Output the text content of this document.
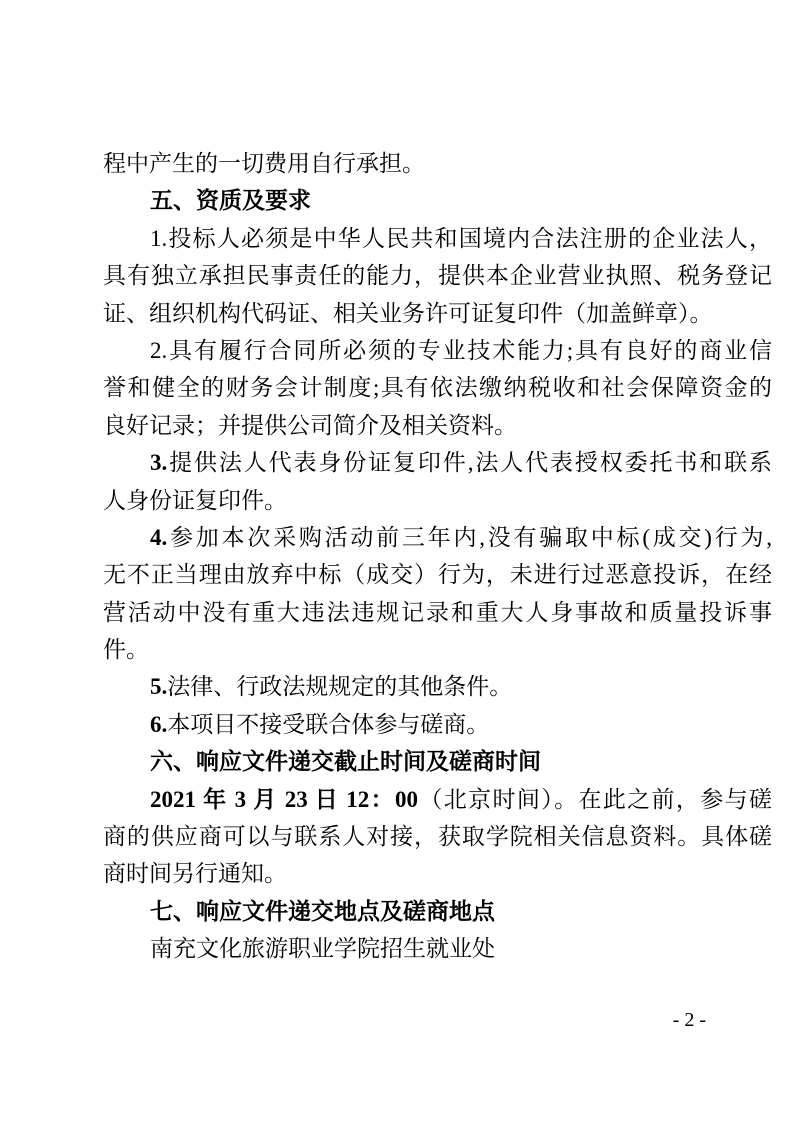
程中产生的一切费用自行承担。
五、资质及要求
1.投标人必须是中华人民共和国境内合法注册的企业法人，
具有独立承担民事责任的能力，提供本企业营业执照、税务登记
证、组织机构代码证、相关业务许可证复印件（加盖鲜章）。
2.具有履行合同所必须的专业技术能力;具有良好的商业信
誉和健全的财务会计制度;具有依法缴纳税收和社会保障资金的
良好记录；并提供公司简介及相关资料。
3.提供法人代表身份证复印件,法人代表授权委托书和联系
人身份证复印件。
4.参加本次采购活动前三年内,没有骗取中标(成交)行为,
无不正当理由放弃中标（成交）行为，未进行过恶意投诉，在经
营活动中没有重大违法违规记录和重大人身事故和质量投诉事
件。
5.法律、行政法规规定的其他条件。
6.本项目不接受联合体参与磋商。
六、响应文件递交截止时间及磋商时间
2021 年 3 月 23 日 12：00（北京时间）。在此之前，参与磋
商的供应商可以与联系人对接，获取学院相关信息资料。具体磋
商时间另行通知。
七、响应文件递交地点及磋商地点
南充文化旅游职业学院招生就业处
- 2 -
